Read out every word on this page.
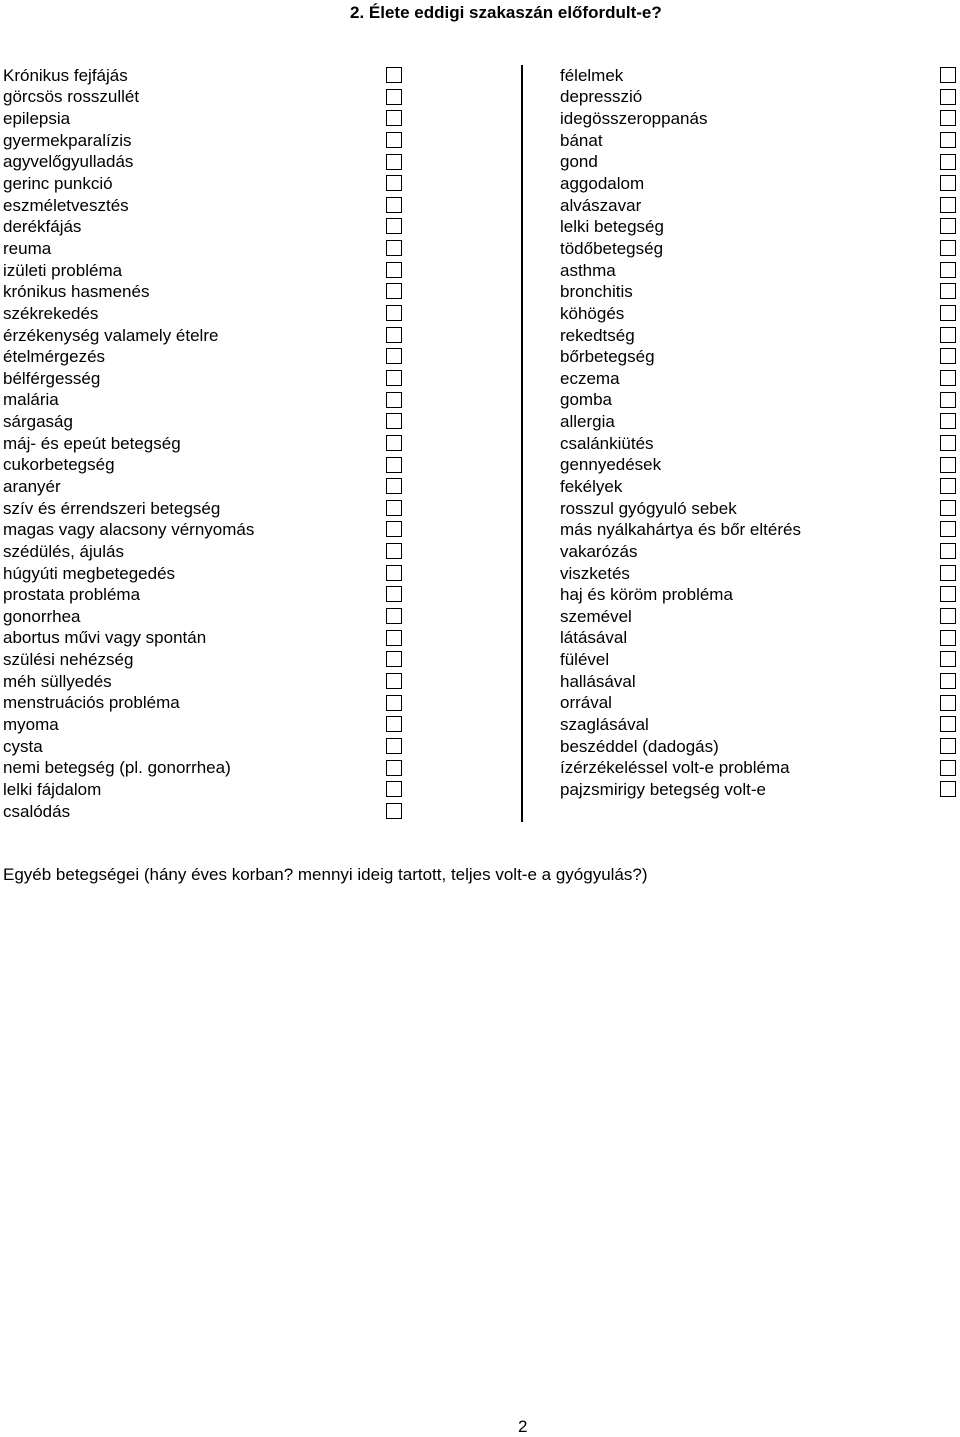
2. Élete eddigi szakaszán előfordult-e?
Krónikus fejfájás
görcsös rosszullét
epilepsia
gyermekparalízis
agyvelőgyulladás
gerinc punkció
eszméletvesztés
derékfájás
reuma
izületi probléma
krónikus hasmenés
székrekedés
érzékenység valamely ételre
ételmérgezés
bélférgesség
malária
sárgaság
máj- és epeút betegség
cukorbetegség
aranyér
szív és érrendszeri betegség
magas vagy alacsony vérnyomás
szédülés, ájulás
húgyúti megbetegedés
prostata probléma
gonorrhea
abortus művi vagy spontán
szülési nehézség
méh süllyedés
menstruációs probléma
myoma
cysta
nemi betegség (pl. gonorrhea)
lelki fájdalom
csalódás
félelmek
depresszió
idegösszeroppanás
bánat
gond
aggodalom
alvászavar
lelki betegség
tödőbetegség
asthma
bronchitis
köhögés
rekedtség
bőrbetegség
eczema
gomba
allergia
csalánkiütés
gennyedések
fekélyek
rosszul gyógyuló sebek
más nyálkahártya és bőr eltérés
vakarózás
viszketés
haj és köröm probléma
szemével
látásával
fülével
hallásával
orrával
szaglásával
beszéddel (dadogás)
ízérzékeléssel volt-e probléma
pajzsmirigy betegség volt-e
Egyéb betegségei (hány éves korban? mennyi ideig tartott, teljes volt-e a gyógyulás?)
2
